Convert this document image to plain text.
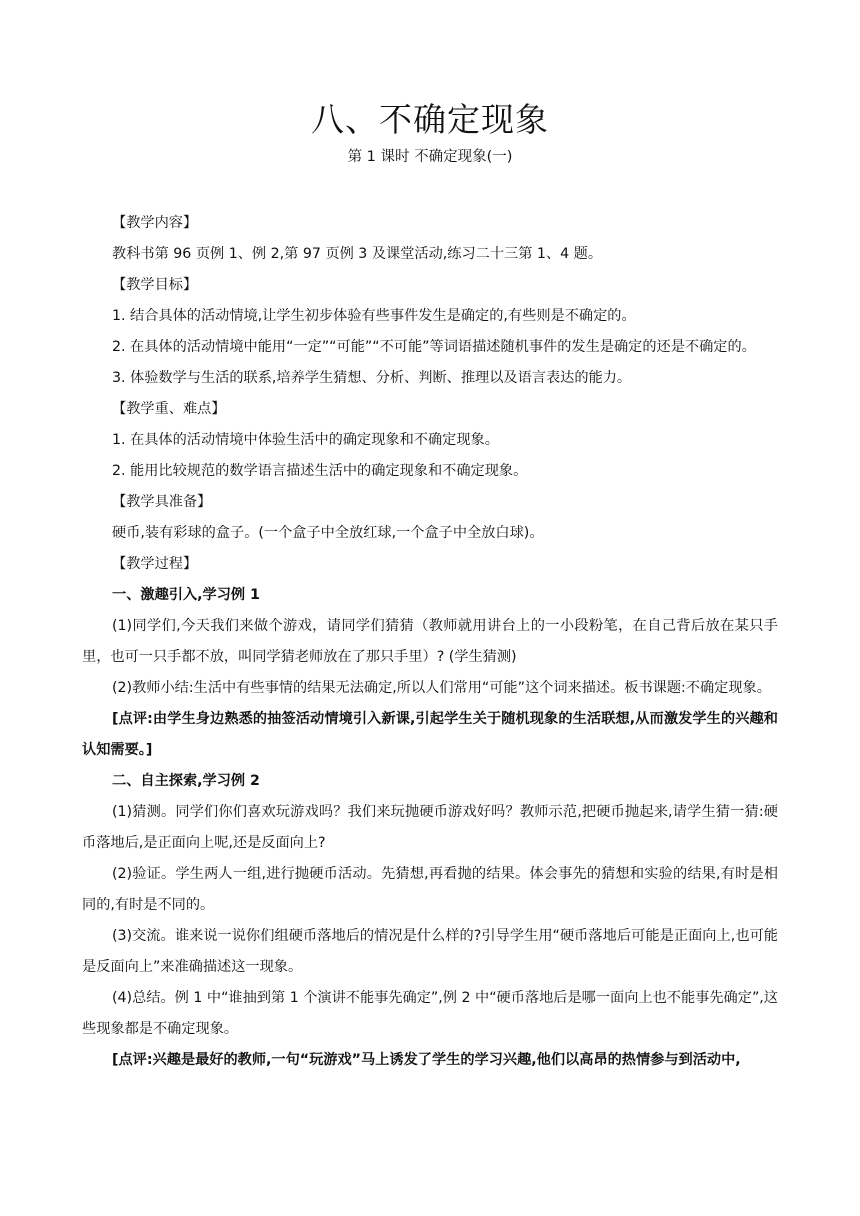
八、不确定现象
第 1 课时 不确定现象(一)

【教学内容】

教科书第 96 页例 1、例 2,第 97 页例 3 及课堂活动,练习二十三第 1、4 题。

【教学目标】

1. 结合具体的活动情境,让学生初步体验有些事件发生是确定的,有些则是不确定的。

2. 在具体的活动情境中能用“一定”“可能”“不可能”等词语描述随机事件的发生是确定的还是不确定的。

3. 体验数学与生活的联系,培养学生猜想、分析、判断、推理以及语言表达的能力。

【教学重、难点】

1. 在具体的活动情境中体验生活中的确定现象和不确定现象。

2. 能用比较规范的数学语言描述生活中的确定现象和不确定现象。

【教学具准备】

硬币,装有彩球的盒子。(一个盒子中全放红球,一个盒子中全放白球)。

【教学过程】

一、激趣引入,学习例 1

(1)同学们,今天我们来做个游戏，请同学们猜猜（教师就用讲台上的一小段粉笔，在自己背后放在某只手里，也可一只手都不放，叫同学猜老师放在了那只手里）? (学生猜测)

(2)教师小结:生活中有些事情的结果无法确定,所以人们常用“可能”这个词来描述。板书课题:不确定现象。

[点评:由学生身边熟悉的抽签活动情境引入新课,引起学生关于随机现象的生活联想,从而激发学生的兴趣和认知需要。]

二、自主探索,学习例 2

(1)猜测。同学们你们喜欢玩游戏吗？我们来玩抛硬币游戏好吗？教师示范,把硬币抛起来,请学生猜一猜:硬币落地后,是正面向上呢,还是反面向上?

(2)验证。学生两人一组,进行抛硬币活动。先猜想,再看抛的结果。体会事先的猜想和实验的结果,有时是相同的,有时是不同的。

(3)交流。谁来说一说你们组硬币落地后的情况是什么样的?引导学生用“硬币落地后可能是正面向上,也可能是反面向上”来准确描述这一现象。

(4)总结。例 1 中“谁抽到第 1 个演讲不能事先确定”,例 2 中“硬币落地后是哪一面向上也不能事先确定”,这些现象都是不确定现象。

[点评:兴趣是最好的教师,一句“玩游戏”马上诱发了学生的学习兴趣,他们以高昂的热情参与到活动中,
